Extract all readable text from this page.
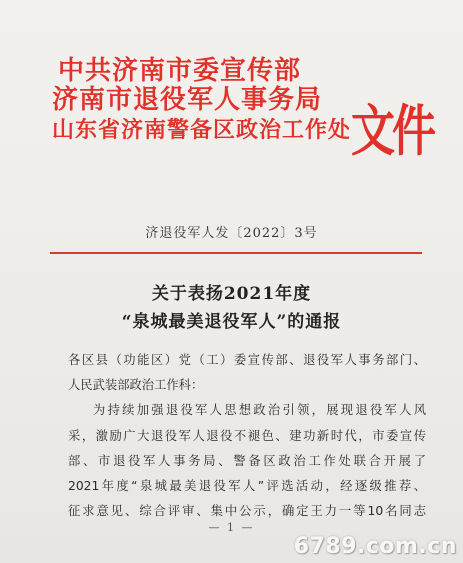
中共济南市委宣传部
济南市退役军人事务局
山东省济南警备区政治工作处 文件
济退役军人发〔2022〕3号
关于表扬2021年度
“泉城最美退役军人”的通报
各区县（功能区）党（工）委宣传部、退役军人事务部门、
人民武装部政治工作科：
为持续加强退役军人思想政治引领，展现退役军人风
采，激励广大退役军人退役不褪色、建功新时代，市委宣传
部、市退役军人事务局、警备区政治工作处联合开展了
2021年度“泉城最美退役军人”评选活动，经逐级推荐、
征求意见、综合评审、集中公示，确定王力一等10名同志
— 1 —
6789.com.cn
